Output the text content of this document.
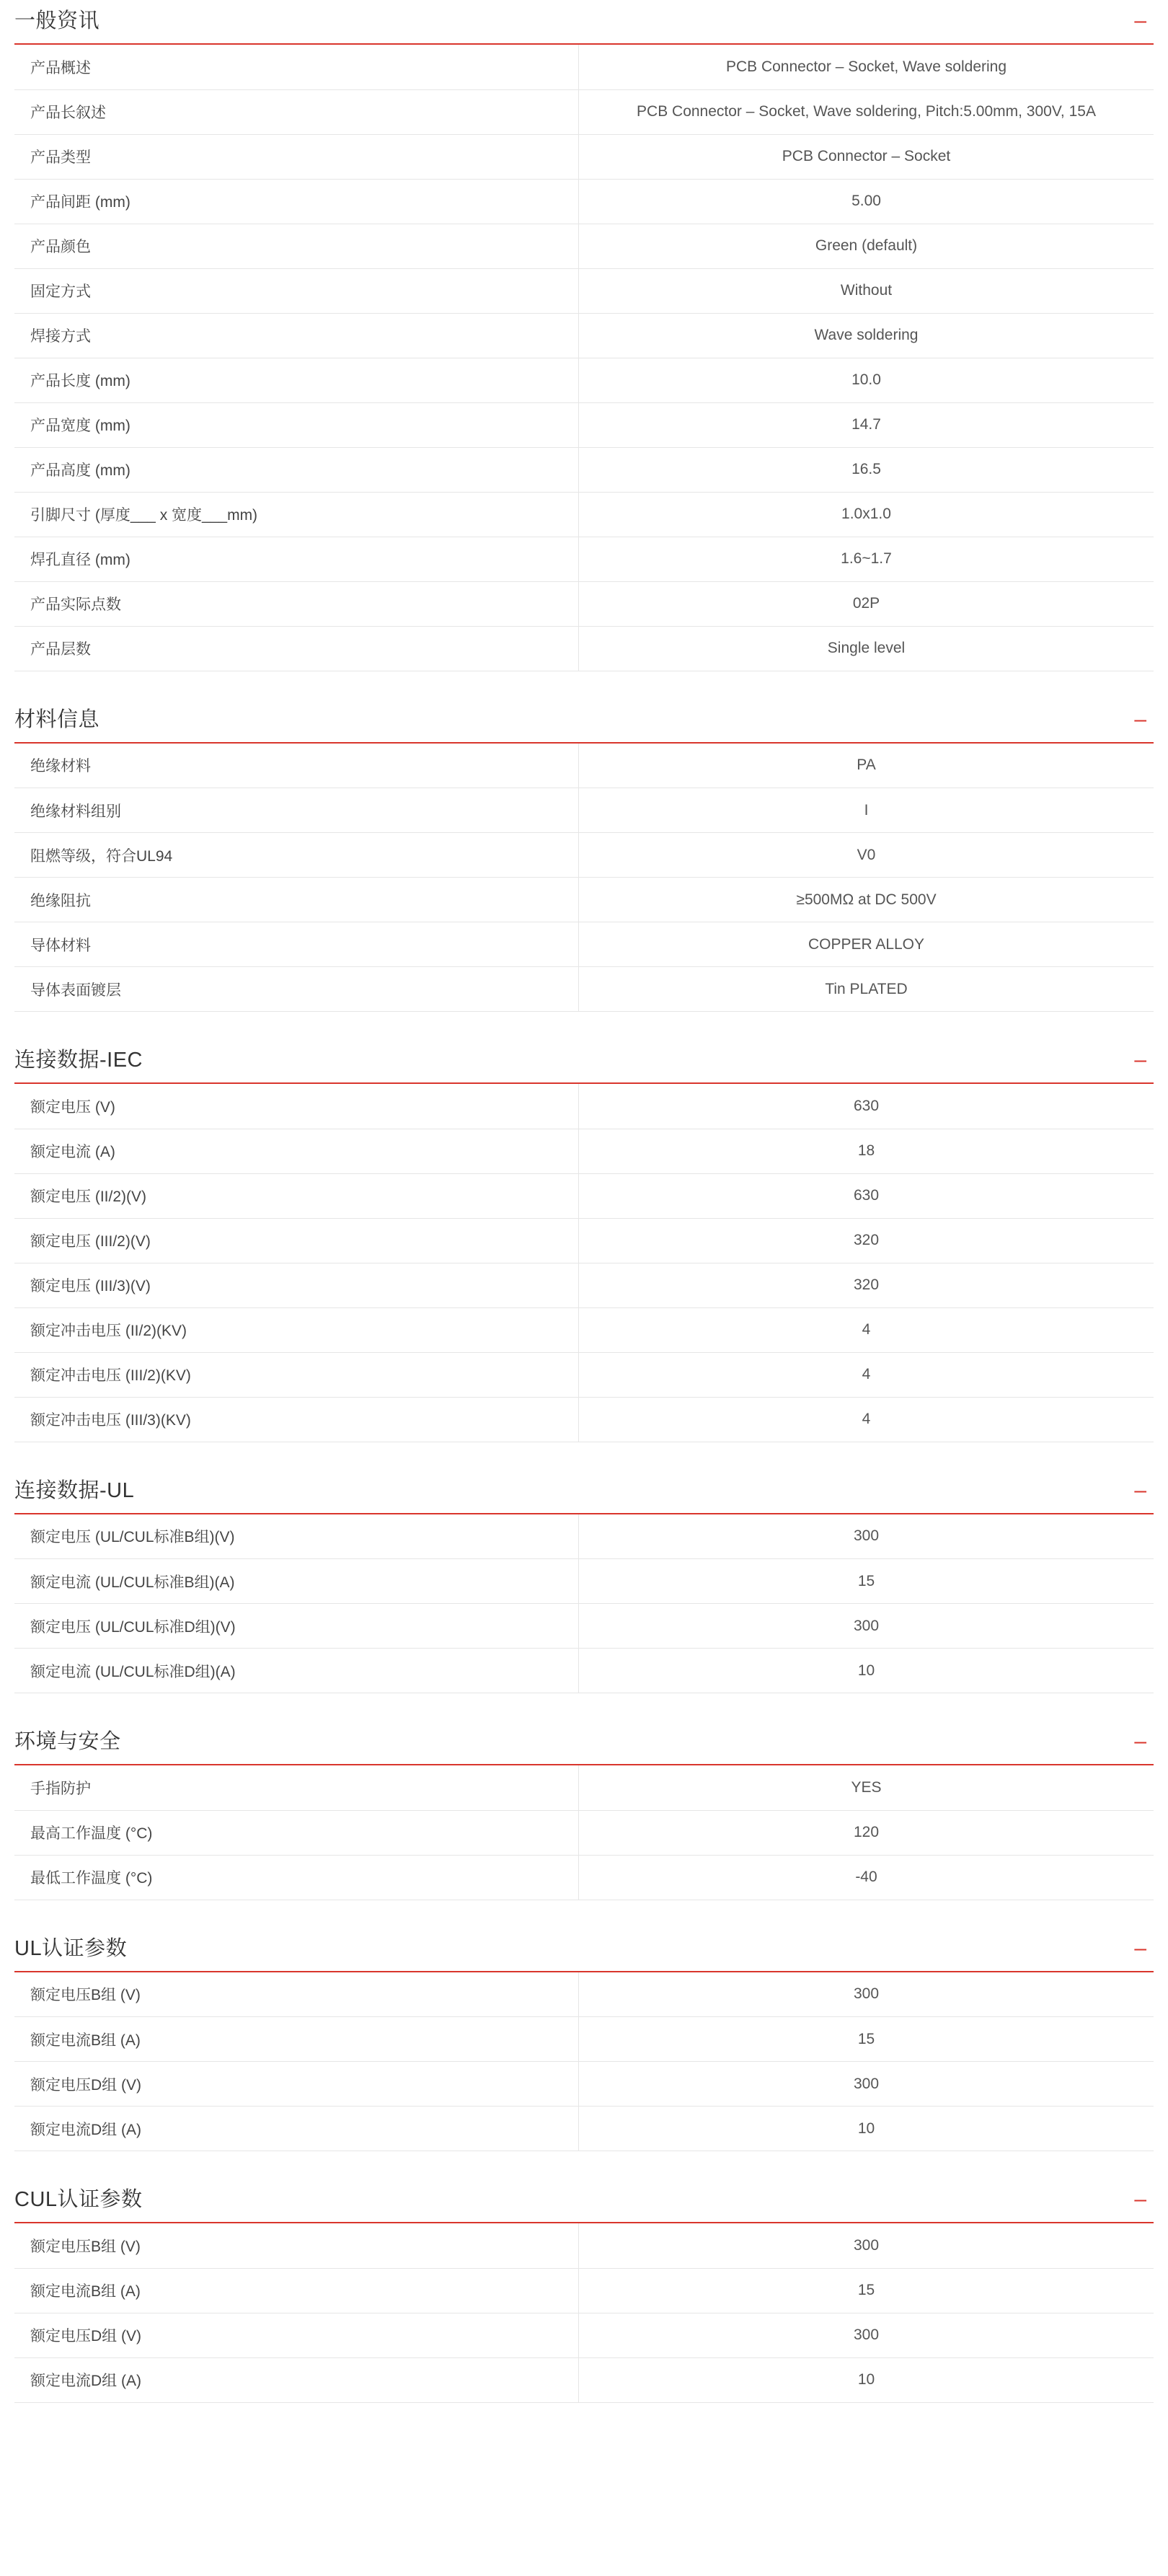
一般资讯	–
产品概述	PCB Connector – Socket, Wave soldering
产品长叙述	PCB Connector – Socket, Wave soldering, Pitch:5.00mm, 300V, 15A
产品类型	PCB Connector – Socket
产品间距 (mm)	5.00
产品颜色	Green (default)
固定方式	Without
焊接方式	Wave soldering
产品长度 (mm)	10.0
产品宽度 (mm)	14.7
产品高度 (mm)	16.5
引脚尺寸 (厚度___ x 宽度___mm)	1.0x1.0
焊孔直径 (mm)	1.6~1.7
产品实际点数	02P
产品层数	Single level
材料信息	–
绝缘材料	PA
绝缘材料组别	I
阻燃等级，符合UL94	V0
绝缘阻抗	≥500MΩ at DC 500V
导体材料	COPPER ALLOY
导体表面镀层	Tin PLATED
连接数据-IEC	–
额定电压 (V)	630
额定电流 (A)	18
额定电压 (II/2)(V)	630
额定电压 (III/2)(V)	320
额定电压 (III/3)(V)	320
额定冲击电压 (II/2)(KV)	4
额定冲击电压 (III/2)(KV)	4
额定冲击电压 (III/3)(KV)	4
连接数据-UL	–
额定电压 (UL/CUL标准B组)(V)	300
额定电流 (UL/CUL标准B组)(A)	15
额定电压 (UL/CUL标准D组)(V)	300
额定电流 (UL/CUL标准D组)(A)	10
环境与安全	–
手指防护	YES
最高工作温度 (°C)	120
最低工作温度 (°C)	-40
UL认证参数	–
额定电压B组 (V)	300
额定电流B组 (A)	15
额定电压D组 (V)	300
额定电流D组 (A)	10
CUL认证参数	–
额定电压B组 (V)	300
额定电流B组 (A)	15
额定电压D组 (V)	300
额定电流D组 (A)	10
